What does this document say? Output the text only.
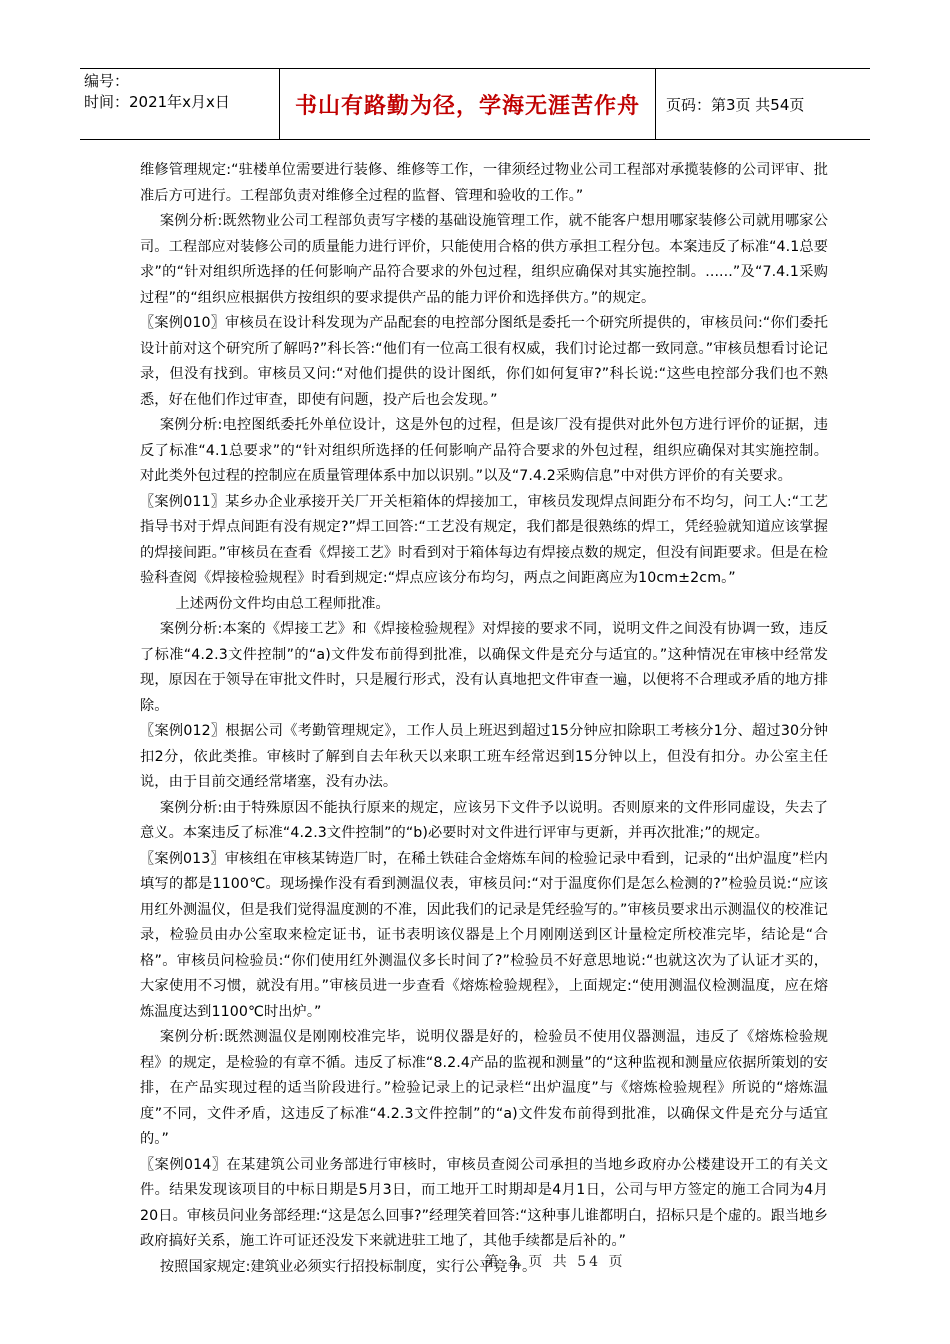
编号：
时间：2021年x月x日	书山有路勤为径，学海无涯苦作舟	页码：第3页 共54页

维修管理规定:“驻楼单位需要进行装修、维修等工作，一律须经过物业公司工程部对承揽装修的公司评审、批准后方可进行。工程部负责对维修全过程的监督、管理和验收的工作。”

案例分析:既然物业公司工程部负责写字楼的基础设施管理工作，就不能客户想用哪家装修公司就用哪家公司。工程部应对装修公司的质量能力进行评价，只能使用合格的供方承担工程分包。本案违反了标准“4.1总要求”的“针对组织所选择的任何影响产品符合要求的外包过程，组织应确保对其实施控制。......”及“7.4.1采购过程”的“组织应根据供方按组织的要求提供产品的能力评价和选择供方。”的规定。

〖案例010〗审核员在设计科发现为产品配套的电控部分图纸是委托一个研究所提供的，审核员问:“你们委托设计前对这个研究所了解吗?”科长答:“他们有一位高工很有权威，我们讨论过都一致同意。”审核员想看讨论记录，但没有找到。审核员又问:“对他们提供的设计图纸，你们如何复审?”科长说:“这些电控部分我们也不熟悉，好在他们作过审查，即使有问题，投产后也会发现。”

案例分析:电控图纸委托外单位设计，这是外包的过程，但是该厂没有提供对此外包方进行评价的证据，违反了标准“4.1总要求”的“针对组织所选择的任何影响产品符合要求的外包过程，组织应确保对其实施控制。对此类外包过程的控制应在质量管理体系中加以识别。”以及“7.4.2采购信息”中对供方评价的有关要求。

〖案例011〗某乡办企业承接开关厂开关柜箱体的焊接加工，审核员发现焊点间距分布不均匀，问工人:“工艺指导书对于焊点间距有没有规定?”焊工回答:“工艺没有规定，我们都是很熟练的焊工，凭经验就知道应该掌握的焊接间距。”审核员在查看《焊接工艺》时看到对于箱体每边有焊接点数的规定，但没有间距要求。但是在检验科查阅《焊接检验规程》时看到规定:“焊点应该分布均匀，两点之间距离应为10cm±2cm。”

上述两份文件均由总工程师批准。

案例分析:本案的《焊接工艺》和《焊接检验规程》对焊接的要求不同，说明文件之间没有协调一致，违反了标准“4.2.3文件控制”的“a)文件发布前得到批准，以确保文件是充分与适宜的。”这种情况在审核中经常发现，原因在于领导在审批文件时，只是履行形式，没有认真地把文件审查一遍，以便将不合理或矛盾的地方排除。

〖案例012〗根据公司《考勤管理规定》，工作人员上班迟到超过15分钟应扣除职工考核分1分、超过30分钟扣2分，依此类推。审核时了解到自去年秋天以来职工班车经常迟到15分钟以上，但没有扣分。办公室主任说，由于目前交通经常堵塞，没有办法。

案例分析:由于特殊原因不能执行原来的规定，应该另下文件予以说明。否则原来的文件形同虚设，失去了意义。本案违反了标准“4.2.3文件控制”的“b)必要时对文件进行评审与更新，并再次批准;”的规定。

〖案例013〗审核组在审核某铸造厂时，在稀土铁硅合金熔炼车间的检验记录中看到，记录的“出炉温度”栏内填写的都是1100℃。现场操作没有看到测温仪表，审核员问:“对于温度你们是怎么检测的?”检验员说:“应该用红外测温仪，但是我们觉得温度测的不准，因此我们的记录是凭经验写的。”审核员要求出示测温仪的校准记录，检验员由办公室取来检定证书，证书表明该仪器是上个月刚刚送到区计量检定所校准完毕，结论是“合格”。审核员问检验员:“你们使用红外测温仪多长时间了?”检验员不好意思地说:“也就这次为了认证才买的，大家使用不习惯，就没有用。”审核员进一步查看《熔炼检验规程》，上面规定:“使用测温仪检测温度，应在熔炼温度达到1100℃时出炉。”

案例分析:既然测温仪是刚刚校准完毕，说明仪器是好的，检验员不使用仪器测温，违反了《熔炼检验规程》的规定，是检验的有章不循。违反了标准“8.2.4产品的监视和测量”的“这种监视和测量应依据所策划的安排，在产品实现过程的适当阶段进行。”检验记录上的记录栏“出炉温度”与《熔炼检验规程》所说的“熔炼温度”不同，文件矛盾，这违反了标准“4.2.3文件控制”的“a)文件发布前得到批准，以确保文件是充分与适宜的。”

〖案例014〗在某建筑公司业务部进行审核时，审核员查阅公司承担的当地乡政府办公楼建设开工的有关文件。结果发现该项目的中标日期是5月3日，而工地开工时期却是4月1日，公司与甲方签定的施工合同为4月20日。审核员问业务部经理:“这是怎么回事?”经理笑着回答:“这种事儿谁都明白，招标只是个虚的。跟当地乡政府搞好关系，施工许可证还没发下来就进驻工地了，其他手续都是后补的。”

按照国家规定:建筑业必须实行招投标制度，实行公平竞争。

第 3 页 共 54 页
